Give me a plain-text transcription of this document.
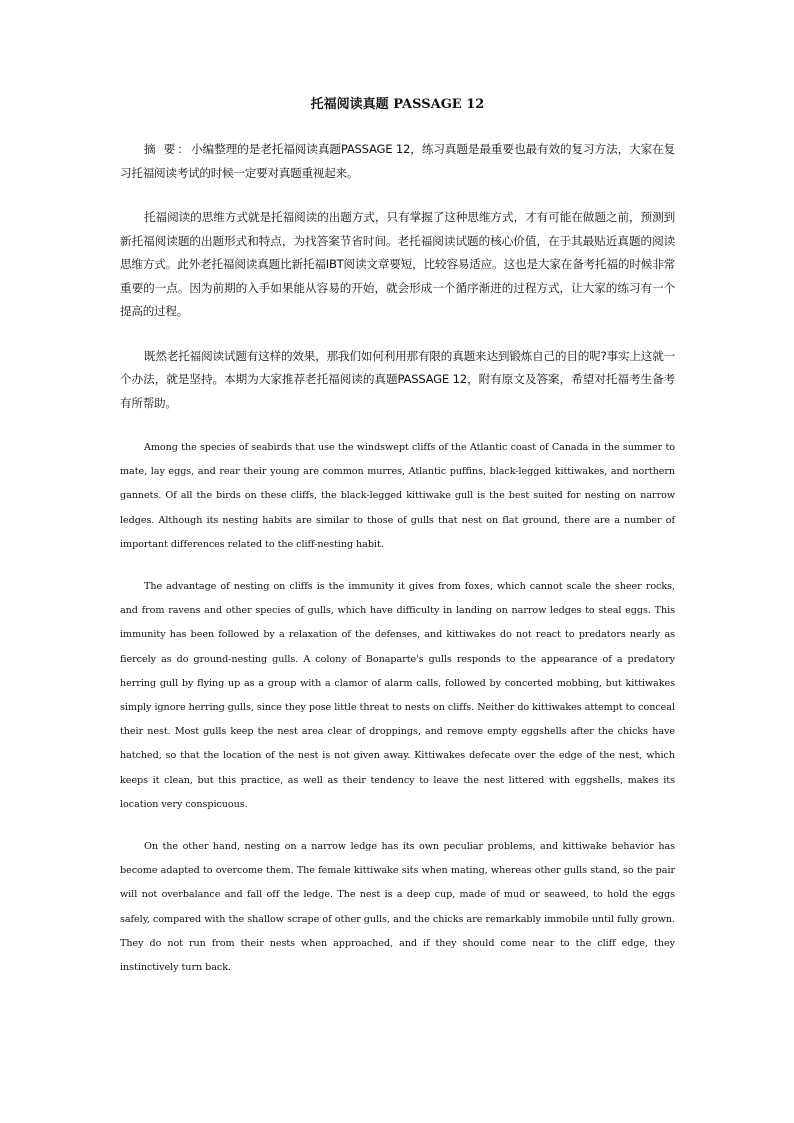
托福阅读真题 PASSAGE 12

摘 要：小编整理的是老托福阅读真题PASSAGE 12，练习真题是最重要也最有效的复习方法，大家在复习托福阅读考试的时候一定要对真题重视起来。

托福阅读的思维方式就是托福阅读的出题方式，只有掌握了这种思维方式，才有可能在做题之前，预测到新托福阅读题的出题形式和特点，为找答案节省时间。老托福阅读试题的核心价值，在于其最贴近真题的阅读思维方式。此外老托福阅读真题比新托福IBT阅读文章要短，比较容易适应。这也是大家在备考托福的时候非常重要的一点。因为前期的入手如果能从容易的开始，就会形成一个循序渐进的过程方式，让大家的练习有一个提高的过程。

既然老托福阅读试题有这样的效果，那我们如何利用那有限的真题来达到锻炼自己的目的呢?事实上这就一个办法，就是坚持。本期为大家推荐老托福阅读的真题PASSAGE 12，附有原文及答案，希望对托福考生备考有所帮助。

Among the species of seabirds that use the windswept cliffs of the Atlantic coast of Canada in the summer to mate, lay eggs, and rear their young are common murres, Atlantic puffins, black-legged kittiwakes, and northern gannets. Of all the birds on these cliffs, the black-legged kittiwake gull is the best suited for nesting on narrow ledges. Although its nesting habits are similar to those of gulls that nest on flat ground, there are a number of important differences related to the cliff-nesting habit.

The advantage of nesting on cliffs is the immunity it gives from foxes, which cannot scale the sheer rocks, and from ravens and other species of gulls, which have difficulty in landing on narrow ledges to steal eggs. This immunity has been followed by a relaxation of the defenses, and kittiwakes do not react to predators nearly as fiercely as do ground-nesting gulls. A colony of Bonaparte's gulls responds to the appearance of a predatory herring gull by flying up as a group with a clamor of alarm calls, followed by concerted mobbing, but kittiwakes simply ignore herring gulls, since they pose little threat to nests on cliffs. Neither do kittiwakes attempt to conceal their nest. Most gulls keep the nest area clear of droppings, and remove empty eggshells after the chicks have hatched, so that the location of the nest is not given away. Kittiwakes defecate over the edge of the nest, which keeps it clean, but this practice, as well as their tendency to leave the nest littered with eggshells, makes its location very conspicuous.

On the other hand, nesting on a narrow ledge has its own peculiar problems, and kittiwake behavior has become adapted to overcome them. The female kittiwake sits when mating, whereas other gulls stand, so the pair will not overbalance and fall off the ledge. The nest is a deep cup, made of mud or seaweed, to hold the eggs safely, compared with the shallow scrape of other gulls, and the chicks are remarkably immobile until fully grown. They do not run from their nests when approached, and if they should come near to the cliff edge, they instinctively turn back.
